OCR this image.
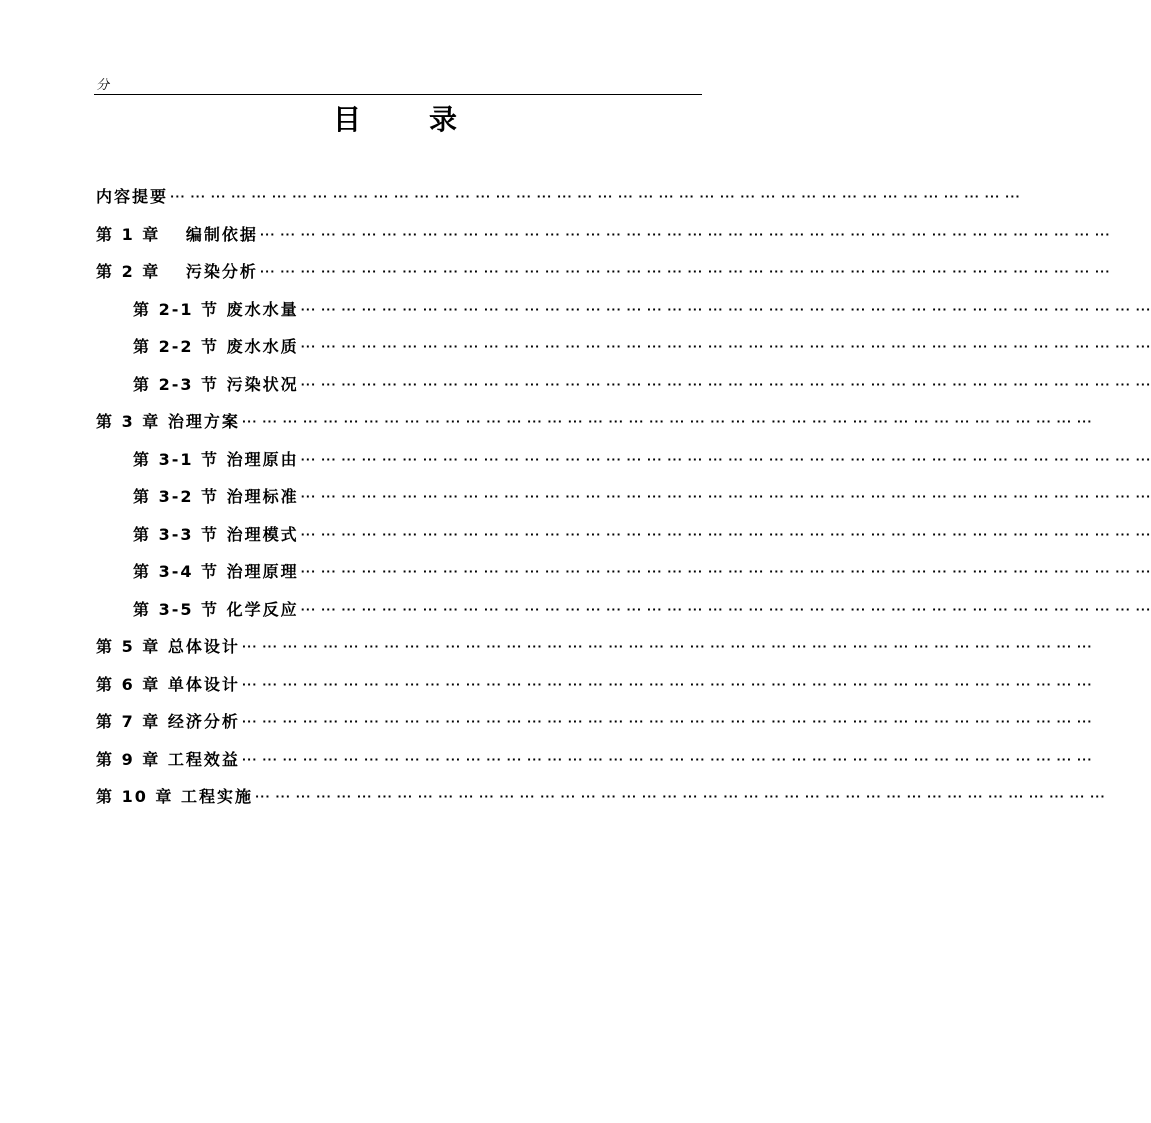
分
目录
内容提要 ··· ··· ··· ··· ··· ··· ··· ··· ··· ··· ··· ··· ··· ··· ··· ··· ··· ··· ··· ··· ··· ··· ··· ··· ··· ··· ··· ··· ··· ··· ··· ··· ··· ··· ··· ··· ··· ··· ··· ··· ··· ···
第 1 章　 编制依据 ··· ··· ··· ··· ··· ··· ··· ··· ··· ··· ··· ··· ··· ··· ··· ··· ··· ··· ··· ··· ··· ··· ··· ··· ··· ··· ··· ··· ··· ··· ··· ··· ··· ··· ··· ··· ··· ··· ··· ··· ··· ···
第 2 章　 污染分析 ··· ··· ··· ··· ··· ··· ··· ··· ··· ··· ··· ··· ··· ··· ··· ··· ··· ··· ··· ··· ··· ··· ··· ··· ··· ··· ··· ··· ··· ··· ··· ··· ··· ··· ··· ··· ··· ··· ··· ··· ··· ···
第 2-1 节 废水水量 ··· ··· ··· ··· ··· ··· ··· ··· ··· ··· ··· ··· ··· ··· ··· ··· ··· ··· ··· ··· ··· ··· ··· ··· ··· ··· ··· ··· ··· ··· ··· ··· ··· ··· ··· ··· ··· ··· ··· ··· ··· ···
第 2-2 节 废水水质 ··· ··· ··· ··· ··· ··· ··· ··· ··· ··· ··· ··· ··· ··· ··· ··· ··· ··· ··· ··· ··· ··· ··· ··· ··· ··· ··· ··· ··· ··· ··· ··· ··· ··· ··· ··· ··· ··· ··· ··· ··· ···
第 2-3 节 污染状况 ··· ··· ··· ··· ··· ··· ··· ··· ··· ··· ··· ··· ··· ··· ··· ··· ··· ··· ··· ··· ··· ··· ··· ··· ··· ··· ··· ··· ··· ··· ··· ··· ··· ··· ··· ··· ··· ··· ··· ··· ··· ···
第 3 章 治理方案 ··· ··· ··· ··· ··· ··· ··· ··· ··· ··· ··· ··· ··· ··· ··· ··· ··· ··· ··· ··· ··· ··· ··· ··· ··· ··· ··· ··· ··· ··· ··· ··· ··· ··· ··· ··· ··· ··· ··· ··· ··· ···
第 3-1 节 治理原由 ··· ··· ··· ··· ··· ··· ··· ··· ··· ··· ··· ··· ··· ··· ··· ··· ··· ··· ··· ··· ··· ··· ··· ··· ··· ··· ··· ··· ··· ··· ··· ··· ··· ··· ··· ··· ··· ··· ··· ··· ··· ···
第 3-2 节 治理标准 ··· ··· ··· ··· ··· ··· ··· ··· ··· ··· ··· ··· ··· ··· ··· ··· ··· ··· ··· ··· ··· ··· ··· ··· ··· ··· ··· ··· ··· ··· ··· ··· ··· ··· ··· ··· ··· ··· ··· ··· ··· ···
第 3-3 节 治理模式 ··· ··· ··· ··· ··· ··· ··· ··· ··· ··· ··· ··· ··· ··· ··· ··· ··· ··· ··· ··· ··· ··· ··· ··· ··· ··· ··· ··· ··· ··· ··· ··· ··· ··· ··· ··· ··· ··· ··· ··· ··· ···
第 3-4 节 治理原理 ··· ··· ··· ··· ··· ··· ··· ··· ··· ··· ··· ··· ··· ··· ··· ··· ··· ··· ··· ··· ··· ··· ··· ··· ··· ··· ··· ··· ··· ··· ··· ··· ··· ··· ··· ··· ··· ··· ··· ··· ··· ···
第 3-5 节 化学反应 ··· ··· ··· ··· ··· ··· ··· ··· ··· ··· ··· ··· ··· ··· ··· ··· ··· ··· ··· ··· ··· ··· ··· ··· ··· ··· ··· ··· ··· ··· ··· ··· ··· ··· ··· ··· ··· ··· ··· ··· ··· ···
第 5 章 总体设计 ··· ··· ··· ··· ··· ··· ··· ··· ··· ··· ··· ··· ··· ··· ··· ··· ··· ··· ··· ··· ··· ··· ··· ··· ··· ··· ··· ··· ··· ··· ··· ··· ··· ··· ··· ··· ··· ··· ··· ··· ··· ···
第 6 章 单体设计 ··· ··· ··· ··· ··· ··· ··· ··· ··· ··· ··· ··· ··· ··· ··· ··· ··· ··· ··· ··· ··· ··· ··· ··· ··· ··· ··· ··· ··· ··· ··· ··· ··· ··· ··· ··· ··· ··· ··· ··· ··· ···
第 7 章 经济分析 ··· ··· ··· ··· ··· ··· ··· ··· ··· ··· ··· ··· ··· ··· ··· ··· ··· ··· ··· ··· ··· ··· ··· ··· ··· ··· ··· ··· ··· ··· ··· ··· ··· ··· ··· ··· ··· ··· ··· ··· ··· ···
第 9 章 工程效益 ··· ··· ··· ··· ··· ··· ··· ··· ··· ··· ··· ··· ··· ··· ··· ··· ··· ··· ··· ··· ··· ··· ··· ··· ··· ··· ··· ··· ··· ··· ··· ··· ··· ··· ··· ··· ··· ··· ··· ··· ··· ···
第 10 章 工程实施 ··· ··· ··· ··· ··· ··· ··· ··· ··· ··· ··· ··· ··· ··· ··· ··· ··· ··· ··· ··· ··· ··· ··· ··· ··· ··· ··· ··· ··· ··· ··· ··· ··· ··· ··· ··· ··· ··· ··· ··· ··· ···
